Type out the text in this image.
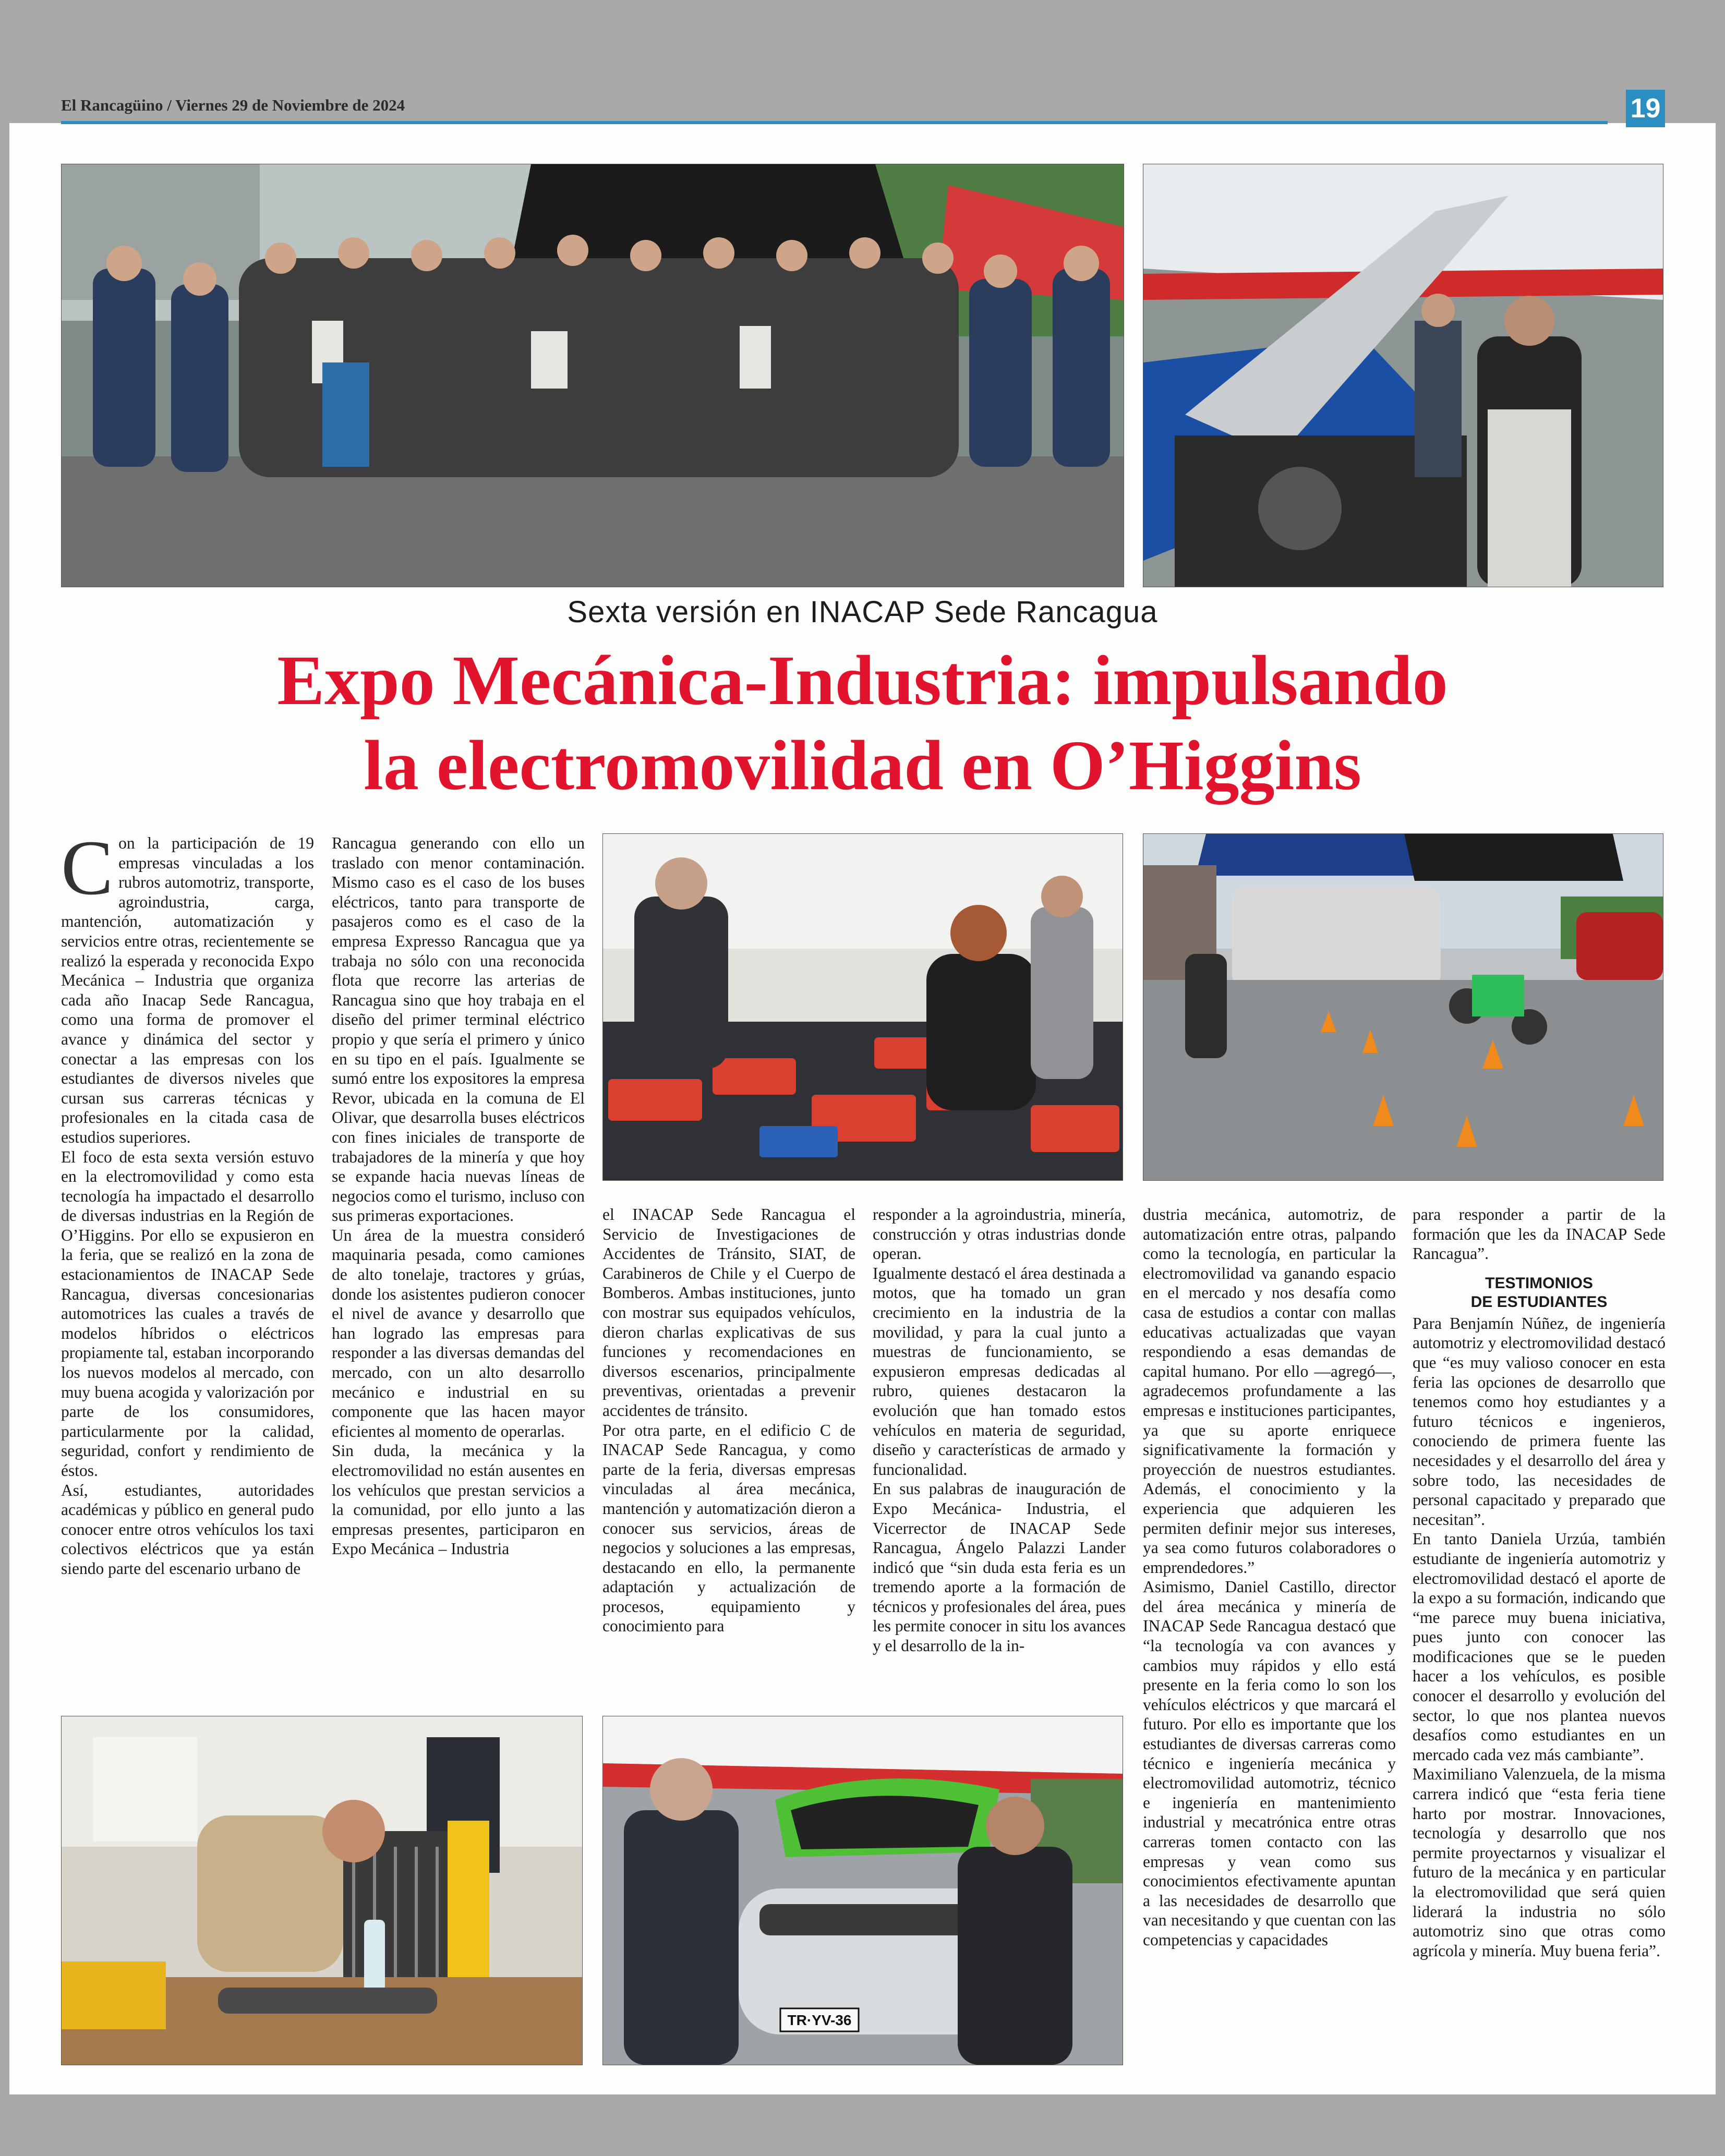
El Rancagüino / Viernes 29 de Noviembre de 2024	19
Sexta versión en INACAP Sede Rancagua
Expo Mecánica-Industria: impulsando
la electromovilidad en O’Higgins
C on la participación de 19 empresas vinculadas a los rubros automotriz, transporte, agroindustria, carga, mantención, automatización y servicios entre otras, recientemente se realizó la esperada y reconocida Expo Mecánica – Industria que organiza cada año Inacap Sede Rancagua, como una forma de promover el avance y dinámica del sector y conectar a las empresas con los estudiantes de diversos niveles que cursan sus carreras técnicas y profesionales en la citada casa de estudios superiores.

El foco de esta sexta versión estuvo en la electromovilidad y como esta tecnología ha impactado el desarrollo de diversas industrias en la Región de O’Higgins. Por ello se expusieron en la feria, que se realizó en la zona de estacionamientos de INACAP Sede Rancagua, diversas concesionarias automotrices las cuales a través de modelos híbridos o eléctricos propiamente tal, estaban incorporando los nuevos modelos al mercado, con muy buena acogida y valorización por parte de los consumidores, particularmente por la calidad, seguridad, confort y rendimiento de éstos.

Así, estudiantes, autoridades académicas y público en general pudo conocer entre otros vehículos los taxi colectivos eléctricos que ya están siendo parte del escenario urbano de

Rancagua generando con ello un traslado con menor contaminación. Mismo caso es el caso de los buses eléctricos, tanto para transporte de pasajeros como es el caso de la empresa Expresso Rancagua que ya trabaja no sólo con una reconocida flota que recorre las arterias de Rancagua sino que hoy trabaja en el diseño del primer terminal eléctrico propio y que sería el primero y único en su tipo en el país. Igualmente se sumó entre los expositores la empresa Revor, ubicada en la comuna de El Olivar, que desarrolla buses eléctricos con fines iniciales de transporte de trabajadores de la minería y que hoy se expande hacia nuevas líneas de negocios como el turismo, incluso con sus primeras exportaciones.

Un área de la muestra consideró maquinaria pesada, como camiones de alto tonelaje, tractores y grúas, donde los asistentes pudieron conocer el nivel de avance y desarrollo que han logrado las empresas para responder a las diversas demandas del mercado, con un alto desarrollo mecánico e industrial en su componente que las hacen mayor eficientes al momento de operarlas.

Sin duda, la mecánica y la electromovilidad no están ausentes en los vehículos que prestan servicios a la comunidad, por ello junto a las empresas presentes, participaron en Expo Mecánica – Industria

el INACAP Sede Rancagua el Servicio de Investigaciones de Accidentes de Tránsito, SIAT, de Carabineros de Chile y el Cuerpo de Bomberos. Ambas instituciones, junto con mostrar sus equipados vehículos, dieron charlas explicativas de sus funciones y recomendaciones en diversos escenarios, principalmente preventivas, orientadas a prevenir accidentes de tránsito.

Por otra parte, en el edificio C de INACAP Sede Rancagua, y como parte de la feria, diversas empresas vinculadas al área mecánica, mantención y automatización dieron a conocer sus servicios, áreas de negocios y soluciones a las empresas, destacando en ello, la permanente adaptación y actualización de procesos, equipamiento y conocimiento para

responder a la agroindustria, minería, construcción y otras industrias donde operan.

Igualmente destacó el área destinada a motos, que ha tomado un gran crecimiento en la industria de la movilidad, y para la cual junto a muestras de funcionamiento, se expusieron empresas dedicadas al rubro, quienes destacaron la evolución que han tomado estos vehículos en materia de seguridad, diseño y características de armado y funcionalidad.

En sus palabras de inauguración de Expo Mecánica- Industria, el Vicerrector de INACAP Sede Rancagua, Ángelo Palazzi Lander indicó que “sin duda esta feria es un tremendo aporte a la formación de técnicos y profesionales del área, pues les permite conocer in situ los avances y el desarrollo de la in-

dustria mecánica, automotriz, de automatización entre otras, palpando como la tecnología, en particular la electromovilidad va ganando espacio en el mercado y nos desafía como casa de estudios a contar con mallas educativas actualizadas que vayan respondiendo a esas demandas de capital humano. Por ello —agregó—, agradecemos profundamente a las empresas e instituciones participantes, ya que su aporte enriquece significativamente la formación y proyección de nuestros estudiantes. Además, el conocimiento y la experiencia que adquieren les permiten definir mejor sus intereses, ya sea como futuros colaboradores o emprendedores.”

Asimismo, Daniel Castillo, director del área mecánica y minería de INACAP Sede Rancagua destacó que “la tecnología va con avances y cambios muy rápidos y ello está presente en la feria como lo son los vehículos eléctricos y que marcará el futuro. Por ello es importante que los estudiantes de diversas carreras como técnico e ingeniería mecánica y electromovilidad automotriz, técnico e ingeniería en mantenimiento industrial y mecatrónica entre otras carreras tomen contacto con las empresas y vean como sus conocimientos efectivamente apuntan a las necesidades de desarrollo que van necesitando y que cuentan con las competencias y capacidades

para responder a partir de la formación que les da INACAP Sede Rancagua”.

TESTIMONIOS
DE ESTUDIANTES

Para Benjamín Núñez, de ingeniería automotriz y electromovilidad destacó que “es muy valioso conocer en esta feria las opciones de desarrollo que tenemos como hoy estudiantes y a futuro técnicos e ingenieros, conociendo de primera fuente las necesidades y el desarrollo del área y sobre todo, las necesidades de personal capacitado y preparado que necesitan”.

En tanto Daniela Urzúa, también estudiante de ingeniería automotriz y electromovilidad destacó el aporte de la expo a su formación, indicando que “me parece muy buena iniciativa, pues junto con conocer las modificaciones que se le pueden hacer a los vehículos, es posible conocer el desarrollo y evolución del sector, lo que nos plantea nuevos desafíos como estudiantes en un mercado cada vez más cambiante”.

Maximiliano Valenzuela, de la misma carrera indicó que “esta feria tiene harto por mostrar. Innovaciones, tecnología y desarrollo que nos permite proyectarnos y visualizar el futuro de la mecánica y en particular la electromovilidad que será quien liderará la industria no sólo automotriz sino que otras como agrícola y minería. Muy buena feria”.

TR·YV-36
